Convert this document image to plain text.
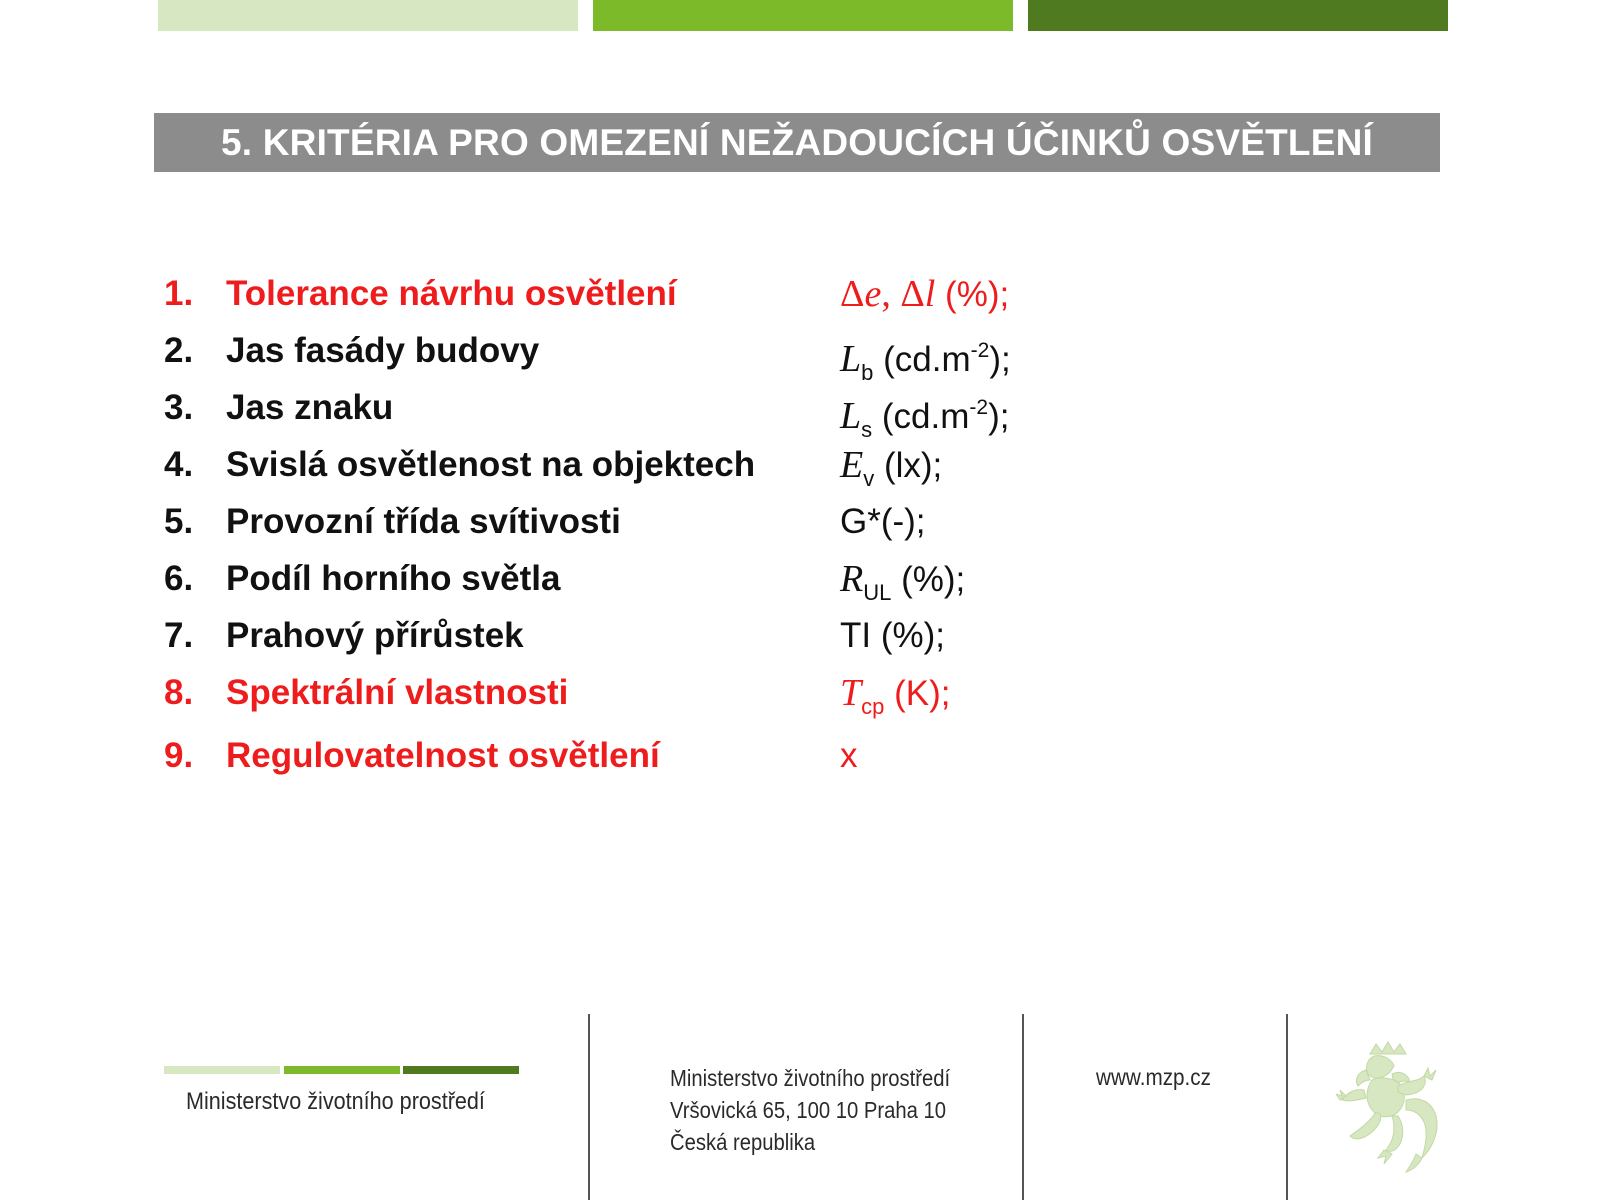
5. KRITÉRIA PRO OMEZENÍ NEŽADOUCÍCH ÚČINKŮ OSVĚTLENÍ
1. Tolerance návrhu osvětlení	Δe, Δl (%);
2. Jas fasády budovy	$L_b$ $(cd.m^{-2})$;
3. Jas znaku	$L_s$ $(cd.m^{-2})$;
4. Svislá osvětlenost na objektech $E_v$ (lx);
5. Provozní třída svítivosti	G*(-);
6. Podíl horního světla	$R_{UL}$ (%);
7. Prahový přírůstek	TI (%);
8. Spektrální vlastnosti	$T_{cp}$ (K);
9. Regulovatelnost osvětlení	x
Ministerstvo životního prostředí
Ministerstvo životního prostředí
Vršovická 65, 100 10 Praha 10
Česká republika
www.mzp.cz
